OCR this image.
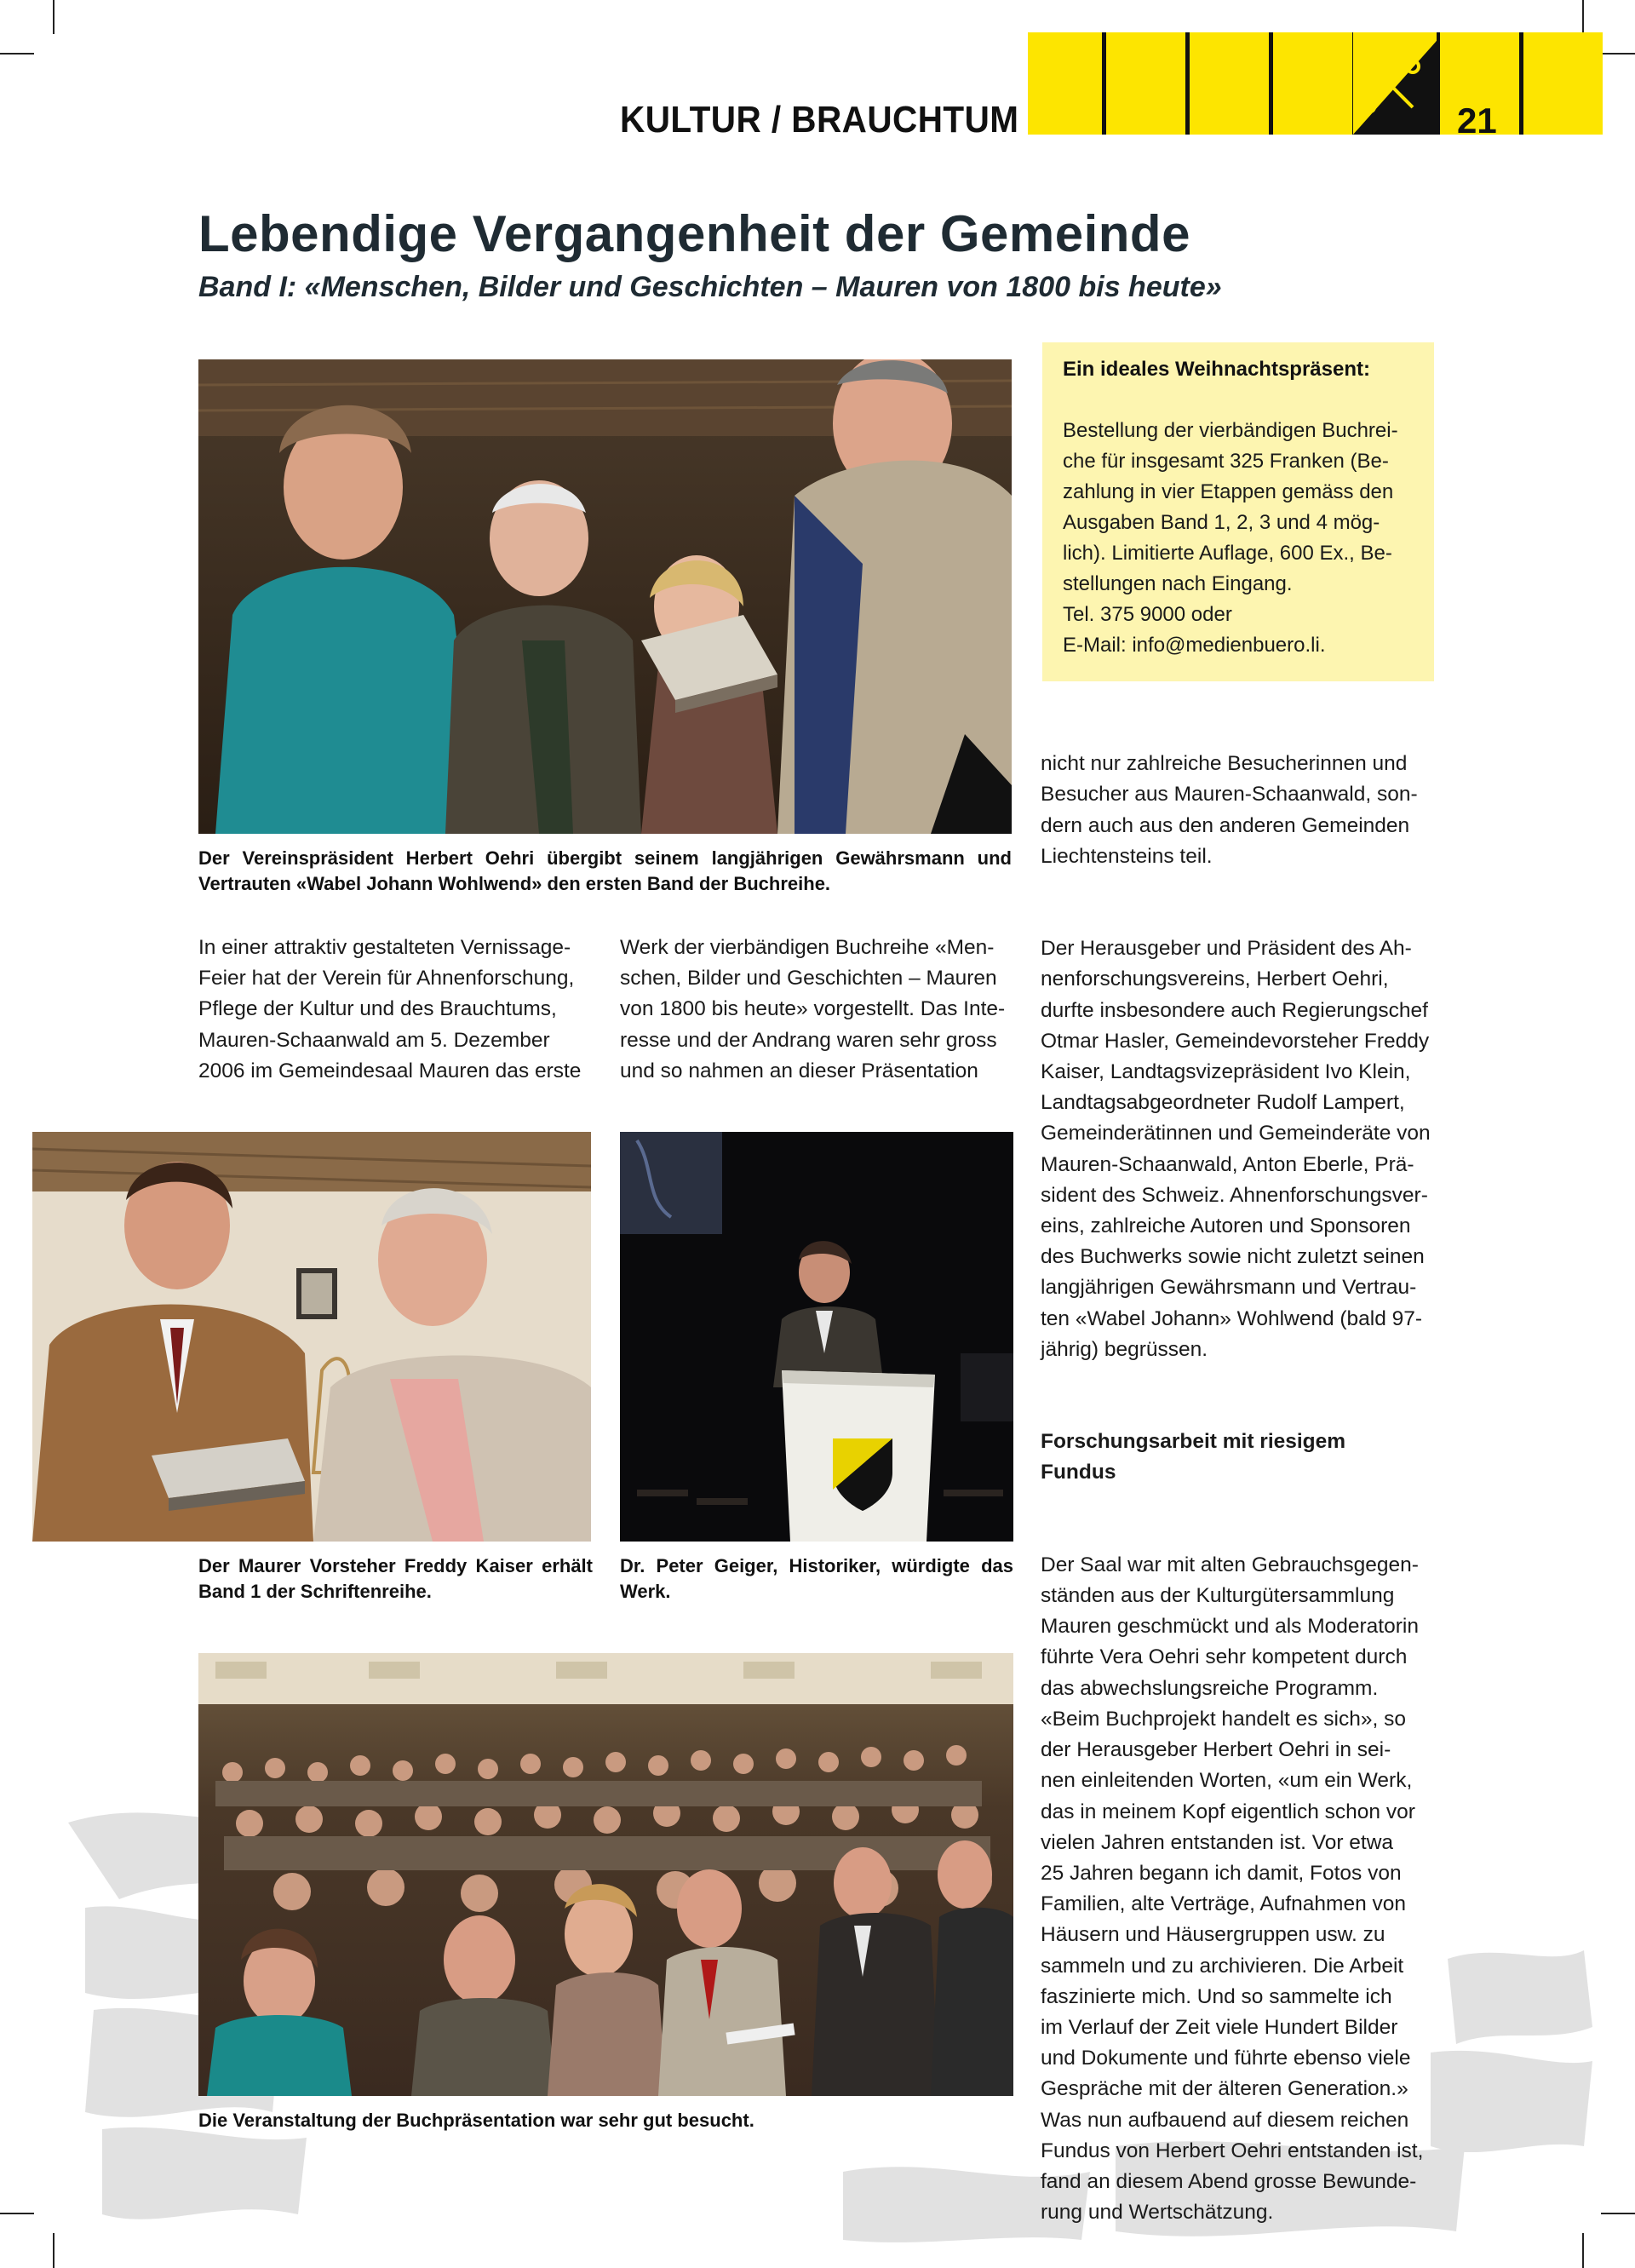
KULTUR / BRAUCHTUM	21
Lebendige Vergangenheit der Gemeinde
Band I: «Menschen, Bilder und Geschichten – Mauren von 1800 bis heute»
Ein ideales Weihnachtspräsent:
Bestellung der vierbändigen Buchrei-
che für insgesamt 325 Franken (Be-
zahlung in vier Etappen gemäss den
Ausgaben Band 1, 2, 3 und 4 mög-
lich). Limitierte Auflage, 600 Ex., Be-
stellungen nach Eingang.
Tel. 375 9000 oder
E-Mail: info@medienbuero.li.
Der Vereinspräsident Herbert Oehri übergibt seinem langjährigen Gewährsmann und Vertrauten «Wabel Johann Wohlwend» den ersten Band der Buchreihe.
In einer attraktiv gestalteten Vernissage-
Feier hat der Verein für Ahnenforschung,
Pflege der Kultur und des Brauchtums,
Mauren-Schaanwald am 5. Dezember
2006 im Gemeindesaal Mauren das erste
Werk der vierbändigen Buchreihe «Men-
schen, Bilder und Geschichten – Mauren
von 1800 bis heute» vorgestellt. Das Inte-
resse und der Andrang waren sehr gross
und so nahmen an dieser Präsentation
Der Maurer Vorsteher Freddy Kaiser erhält Band 1 der Schriftenreihe.
Dr. Peter Geiger, Historiker, würdigte das Werk.
Die Veranstaltung der Buchpräsentation war sehr gut besucht.

nicht nur zahlreiche Besucherinnen und
Besucher aus Mauren-Schaanwald, son-
dern auch aus den anderen Gemeinden
Liechtensteins teil.

Der Herausgeber und Präsident des Ah-
nenforschungsvereins, Herbert Oehri,
durfte insbesondere auch Regierungschef
Otmar Hasler, Gemeindevorsteher Freddy
Kaiser, Landtagsvizepräsident Ivo Klein,
Landtagsabgeordneter Rudolf Lampert,
Gemeinderätinnen und Gemeinderäte von
Mauren-Schaanwald, Anton Eberle, Prä-
sident des Schweiz. Ahnenforschungsver-
eins, zahlreiche Autoren und Sponsoren
des Buchwerks sowie nicht zuletzt seinen
langjährigen Gewährsmann und Vertrau-
ten «Wabel Johann» Wohlwend (bald 97-
jährig) begrüssen.

Forschungsarbeit mit riesigem
Fundus

Der Saal war mit alten Gebrauchsgegen-
ständen aus der Kulturgütersammlung
Mauren geschmückt und als Moderatorin
führte Vera Oehri sehr kompetent durch
das abwechslungsreiche Programm.
«Beim Buchprojekt handelt es sich», so
der Herausgeber Herbert Oehri in sei-
nen einleitenden Worten, «um ein Werk,
das in meinem Kopf eigentlich schon vor
vielen Jahren entstanden ist. Vor etwa
25 Jahren begann ich damit, Fotos von
Familien, alte Verträge, Aufnahmen von
Häusern und Häusergruppen usw. zu
sammeln und zu archivieren. Die Arbeit
faszinierte mich. Und so sammelte ich
im Verlauf der Zeit viele Hundert Bilder
und Dokumente und führte ebenso viele
Gespräche mit der älteren Generation.»
Was nun aufbauend auf diesem reichen
Fundus von Herbert Oehri entstanden ist,
fand an diesem Abend grosse Bewunde-
rung und Wertschätzung.
